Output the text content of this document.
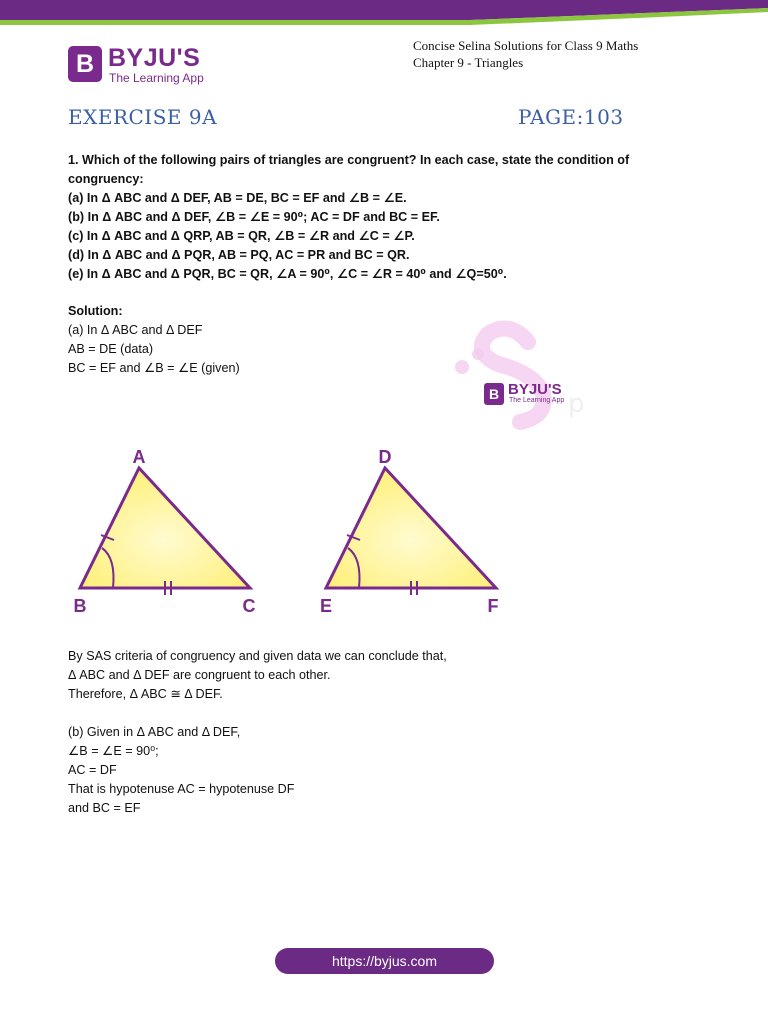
B BYJU'S
The Learning App
Concise Selina Solutions for Class 9 Maths
Chapter 9 - Triangles
EXERCISE 9A	PAGE:103
1. Which of the following pairs of triangles are congruent? In each case, state the condition of congruency:
(a) In Δ ABC and Δ DEF, AB = DE, BC = EF and ∠B = ∠E.
(b) In Δ ABC and Δ DEF, ∠B = ∠E = 90⁰; AC = DF and BC = EF.
(c) In Δ ABC and Δ QRP, AB = QR, ∠B = ∠R and ∠C = ∠P.
(d) In Δ ABC and Δ PQR, AB = PQ, AC = PR and BC = QR.
(e) In Δ ABC and Δ PQR, BC = QR, ∠A = 90⁰, ∠C = ∠R = 40⁰ and ∠Q=50⁰.
Solution:
(a) In Δ ABC and Δ DEF
AB = DE (data)
BC = EF and ∠B = ∠E (given)
p
B BYJU'S
The Learning App
A
B	C
D
E	F
By SAS criteria of congruency and given data we can conclude that,
Δ ABC and Δ DEF are congruent to each other.
Therefore, Δ ABC ≅ Δ DEF.
(b) Given in Δ ABC and Δ DEF,
∠B = ∠E = 90⁰;
AC = DF
That is hypotenuse AC = hypotenuse DF
and BC = EF
https://byjus.com
